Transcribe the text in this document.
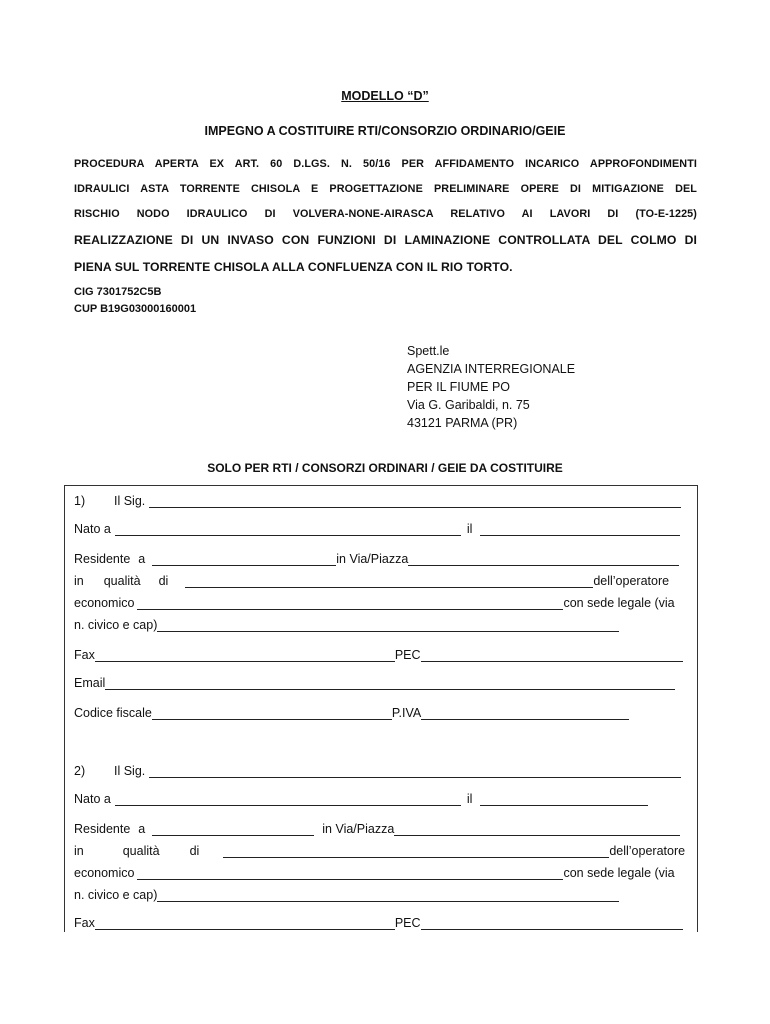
MODELLO “D”
IMPEGNO A COSTITUIRE RTI/CONSORZIO ORDINARIO/GEIE
PROCEDURA APERTA EX ART. 60 D.LGS. N. 50/16 PER AFFIDAMENTO INCARICO APPROFONDIMENTI
IDRAULICI ASTA TORRENTE CHISOLA E PROGETTAZIONE PRELIMINARE OPERE DI MITIGAZIONE DEL
RISCHIO NODO IDRAULICO DI VOLVERA-NONE-AIRASCA RELATIVO AI LAVORI DI (TO-E-1225)
REALIZZAZIONE DI UN INVASO CON FUNZIONI DI LAMINAZIONE CONTROLLATA DEL COLMO DI
PIENA SUL TORRENTE CHISOLA ALLA CONFLUENZA CON IL RIO TORTO.
CIG 7301752C5B
CUP B19G03000160001
Spett.le
AGENZIA INTERREGIONALE
PER IL FIUME PO
Via G. Garibaldi, n. 75
43121 PARMA (PR)
SOLO PER RTI / CONSORZI ORDINARI / GEIE DA COSTITUIRE
1)	Il Sig.
Nato a	il
Residente a	in Via/Piazza
in qualità di	dell’operatore
economico	con sede legale (via
n. civico e cap)
Fax	PEC
Email
Codice fiscale	P.IVA
2)	Il Sig.
Nato a	il
Residente a	in Via/Piazza
in	qualità di	dell’operatore
economico	con sede legale (via
n. civico e cap)
Fax	PEC
